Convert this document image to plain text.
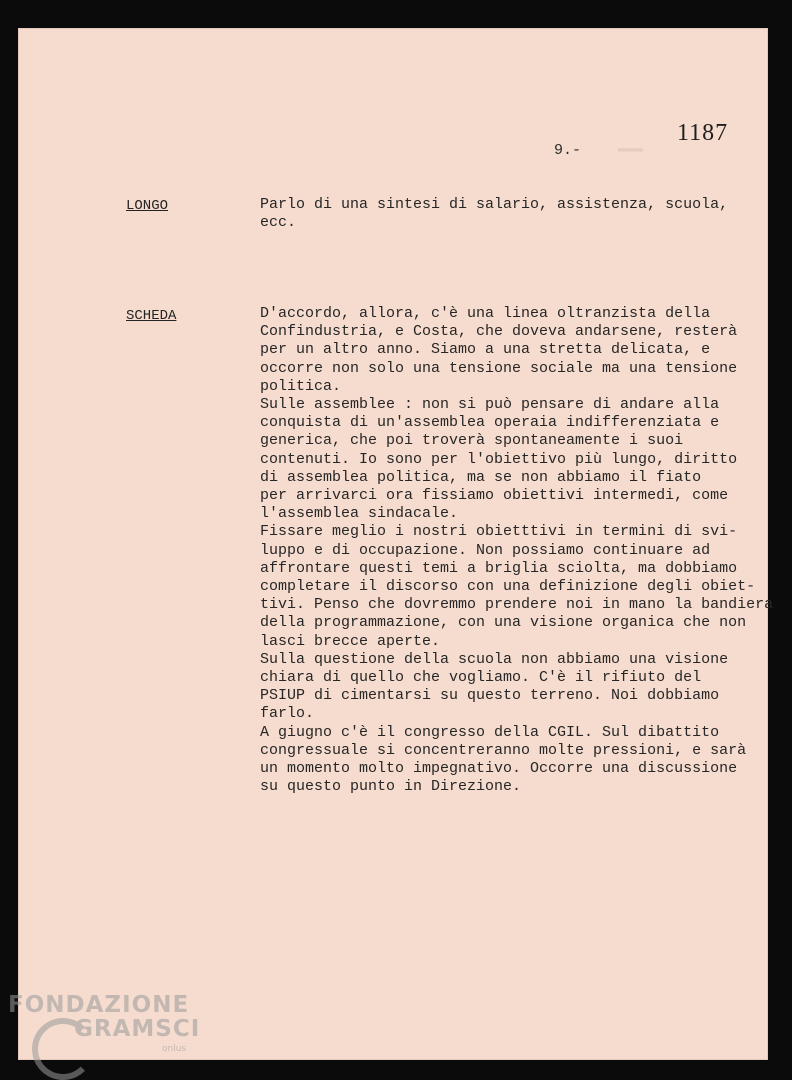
▬▬▬
1187
9.-
LONGO	Parlo di una sintesi di salario, assistenza, scuola,

ecc.

SCHEDA	D'accordo, allora, c'è una linea oltranzista della

Confindustria, e Costa, che doveva andarsene, resterà

per un altro anno. Siamo a una stretta delicata, e

occorre non solo una tensione sociale ma una tensione

politica.

Sulle assemblee : non si può pensare di andare alla

conquista di un'assemblea operaia indifferenziata e

generica, che poi troverà spontaneamente i suoi

contenuti. Io sono per l'obiettivo più lungo, diritto

di assemblea politica, ma se non abbiamo il fiato

per arrivarci ora fissiamo obiettivi intermedi, come

l'assemblea sindacale.

Fissare meglio i nostri obietttivi in termini di svi-

luppo e di occupazione. Non possiamo continuare ad

affrontare questi temi a briglia sciolta, ma dobbiamo

completare il discorso con una definizione degli obiet-

tivi. Penso che dovremmo prendere noi in mano la bandiera

della programmazione, con una visione organica che non

lasci brecce aperte.

Sulla questione della scuola non abbiamo una visione

chiara di quello che vogliamo. C'è il rifiuto del

PSIUP di cimentarsi su questo terreno. Noi dobbiamo

farlo.

A giugno c'è il congresso della CGIL. Sul dibattito

congressuale si concentreranno molte pressioni, e sarà

un momento molto impegnativo. Occorre una discussione

su questo punto in Direzione.

FONDAZIONE
GRAMSCI
onlus
